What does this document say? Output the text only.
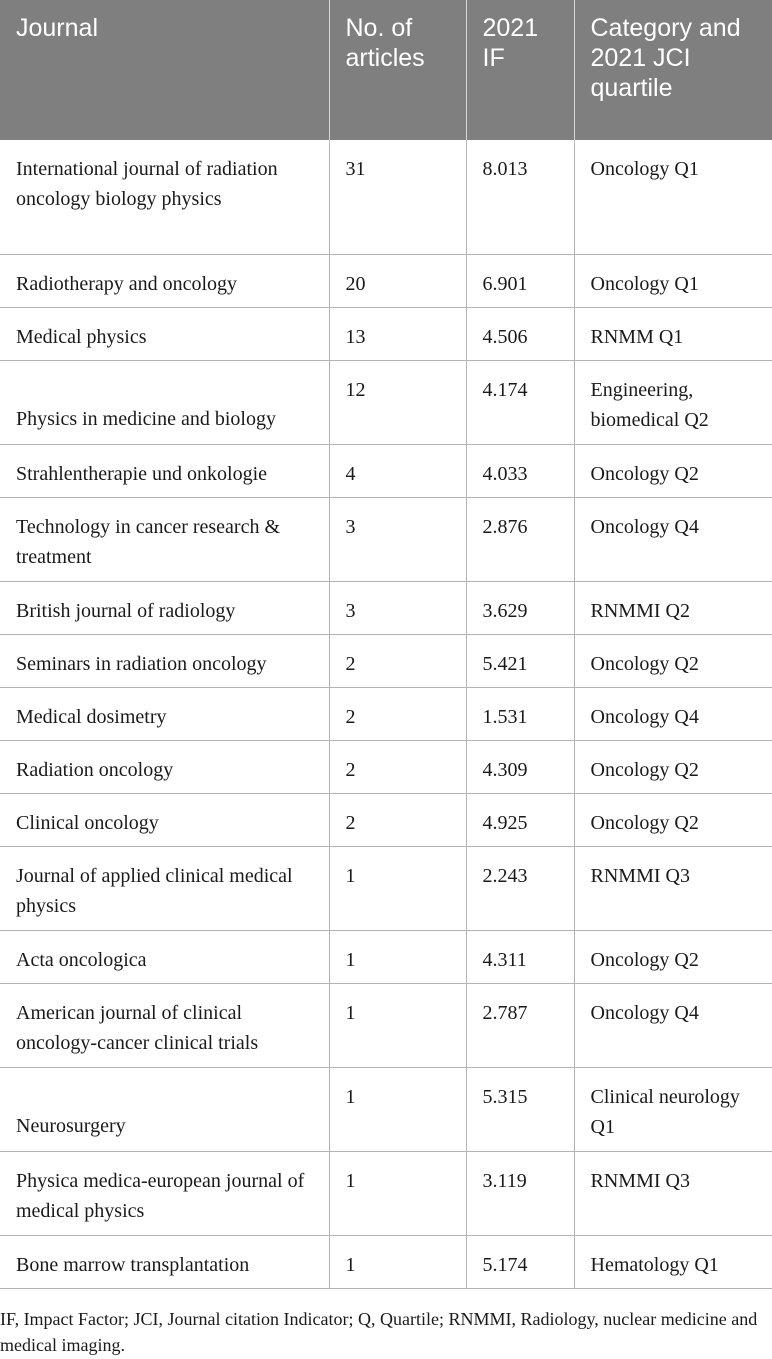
Journal	No. of articles	2021 IF	Category and 2021 JCI quartile
International journal of radiation oncology biology physics	31	8.013	Oncology Q1
Radiotherapy and oncology	20	6.901	Oncology Q1
Medical physics	13	4.506	RNMM Q1
Physics in medicine and biology	12	4.174	Engineering, biomedical Q2
Strahlentherapie und onkologie	4	4.033	Oncology Q2
Technology in cancer research & treatment	3	2.876	Oncology Q4
British journal of radiology	3	3.629	RNMMI Q2
Seminars in radiation oncology	2	5.421	Oncology Q2
Medical dosimetry	2	1.531	Oncology Q4
Radiation oncology	2	4.309	Oncology Q2
Clinical oncology	2	4.925	Oncology Q2
Journal of applied clinical medical physics	1	2.243	RNMMI Q3
Acta oncologica	1	4.311	Oncology Q2
American journal of clinical oncology-cancer clinical trials	1	2.787	Oncology Q4
Neurosurgery	1	5.315	Clinical neurology Q1
Physica medica-european journal of medical physics	1	3.119	RNMMI Q3
Bone marrow transplantation	1	5.174	Hematology Q1
IF, Impact Factor; JCI, Journal citation Indicator; Q, Quartile; RNMMI, Radiology, nuclear medicine and medical imaging.
